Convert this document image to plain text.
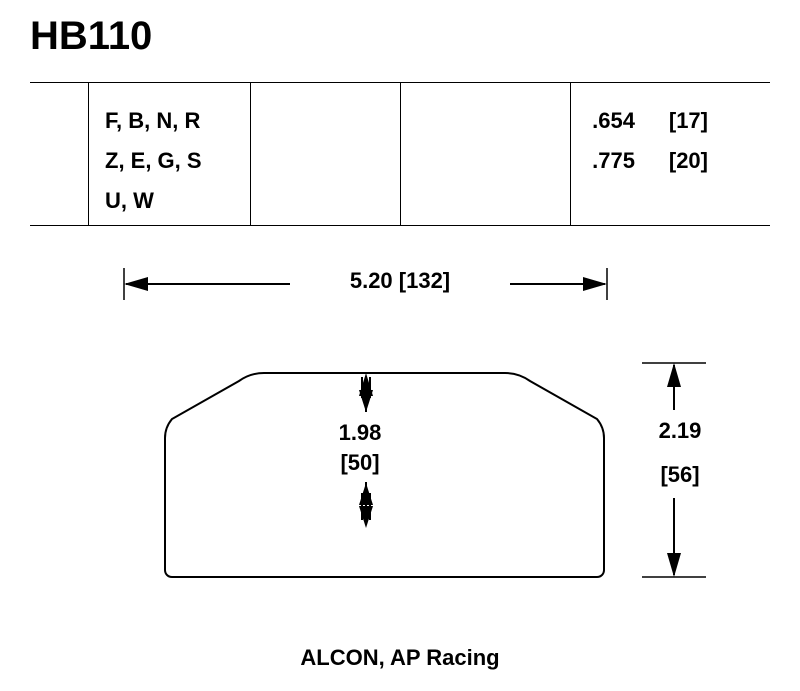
HB110
F, B, N, R
Z, E, G, S
U, W
.654	[17]
.775	[20]
5.20 [132]
1.98
[50]
2.19
[56]
ALCON, AP Racing
